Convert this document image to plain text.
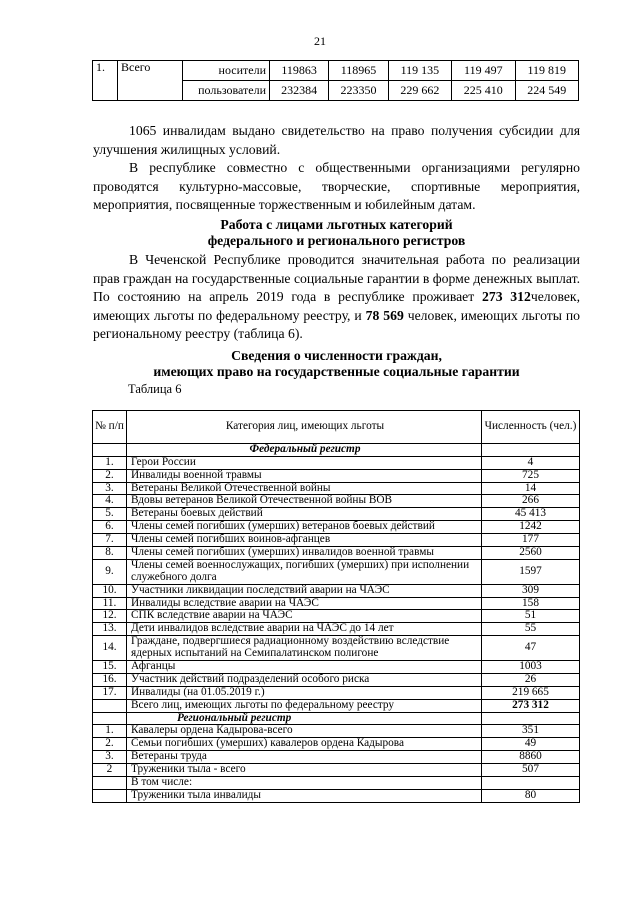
21
1.	Всего	носители	119863	118965	119 135	119 497	119 819
		пользователи	232384	223350	229 662	225 410	224 549

1065 инвалидам выдано свидетельство на право получения субсидии для улучшения жилищных условий.

В республике совместно с общественными организациями регулярно проводятся культурно-массовые, творческие, спортивные мероприятия, мероприятия, посвященные торжественным и юбилейным датам.

Работа с лицами льготных категорий
федерального и регионального регистров

В Чеченской Республике проводится значительная работа по реализации прав граждан на государственные социальные гарантии в форме денежных выплат. По состоянию на апрель 2019 года в республике проживает 273 312человек, имеющих льготы по федеральному реестру, и 78 569 человек, имеющих льготы по региональному реестру (таблица 6).

Сведения о численности граждан,
имеющих право на государственные социальные гарантии
Таблица 6
№ п/п	Категория лиц, имеющих льготы	Численность (чел.)
	Федеральный регистр	
1.	Герои России	4
2.	Инвалиды военной травмы	725
3.	Ветераны Великой Отечественной войны	14
4.	Вдовы ветеранов Великой Отечественной войны ВОВ	266
5.	Ветераны боевых действий	45 413
6.	Члены семей погибших (умерших) ветеранов боевых действий	1242
7.	Члены семей погибших воинов-афганцев	177
8.	Члены семей погибших (умерших) инвалидов военной травмы	2560
9.	Члены семей военнослужащих, погибших (умерших) при исполнении служебного долга	1597
10.	Участники ликвидации последствий аварии на ЧАЭС	309
11.	Инвалиды вследствие аварии на ЧАЭС	158
12.	СПК вследствие аварии на ЧАЭС	51
13.	Дети инвалидов вследствие аварии на ЧАЭС до 14 лет	55
14.	Граждане, подвергшиеся радиационному воздействию вследствие ядерных испытаний на Семипалатинском полигоне	47
15.	Афганцы	1003
16.	Участник действий подразделений особого риска	26
17.	Инвалиды (на 01.05.2019 г.)	219 665
	Всего лиц, имеющих льготы по федеральному реестру	273 312
	Региональный регистр	
1.	Кавалеры ордена Кадырова-всего	351
2.	Семьи погибших (умерших) кавалеров ордена Кадырова	49
3.	Ветераны труда	8860
2	Труженики тыла - всего	507
	В том числе:	
	Труженики тыла инвалиды	80
